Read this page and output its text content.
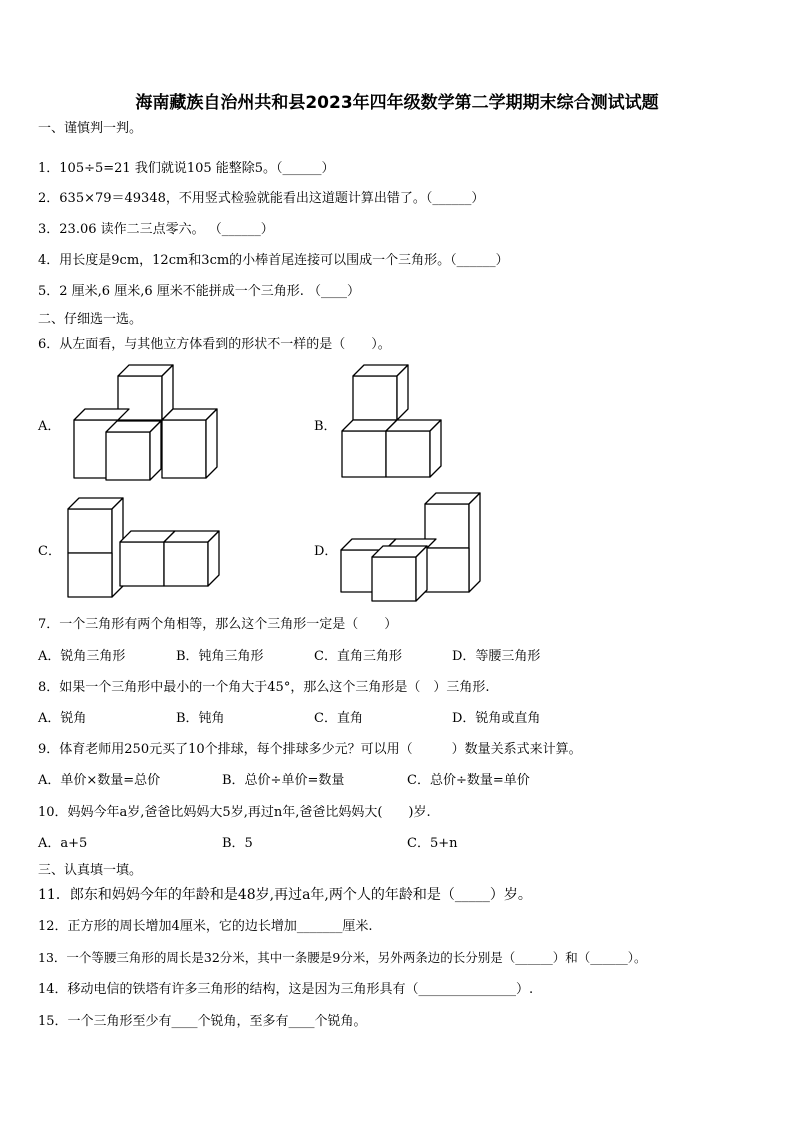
海南藏族自治州共和县2023年四年级数学第二学期期末综合测试试题
一、谨慎判一判。
1．105÷5=21 我们就说105 能整除5。（______）
2．635×79＝49348，不用竖式检验就能看出这道题计算出错了。（______）
3．23.06 读作二三点零六。 （______）
4．用长度是9cm，12cm和3cm的小棒首尾连接可以围成一个三角形。（______）
5．2 厘米,6 厘米,6 厘米不能拼成一个三角形. （____）
二、仔细选一选。
6．从左面看，与其他立方体看到的形状不一样的是（　　）。
A．	B．
C．	D．
7．一个三角形有两个角相等，那么这个三角形一定是（　　）
A．锐角三角形	B．钝角三角形	C．直角三角形	D．等腰三角形
8．如果一个三角形中最小的一个角大于45°，那么这个三角形是（　）三角形.
A．锐角	B．钝角	C．直角	D．锐角或直角
9．体育老师用250元买了10个排球，每个排球多少元？可以用（　　　）数量关系式来计算。
A．单价×数量=总价	B．总价÷单价=数量	C．总价÷数量=单价
10．妈妈今年a岁,爸爸比妈妈大5岁,再过n年,爸爸比妈妈大(　　)岁.
A．a+5	B．5	C．5+n
三、认真填一填。
11．郎东和妈妈今年的年龄和是48岁,再过a年,两个人的年龄和是（_____）岁。
12．正方形的周长增加4厘米，它的边长增加_______厘米.
13．一个等腰三角形的周长是32分米，其中一条腰是9分米，另外两条边的长分别是（______）和（______）。
14．移动电信的铁塔有许多三角形的结构，这是因为三角形具有（_______________）.
15．一个三角形至少有____个锐角，至多有____个锐角。
